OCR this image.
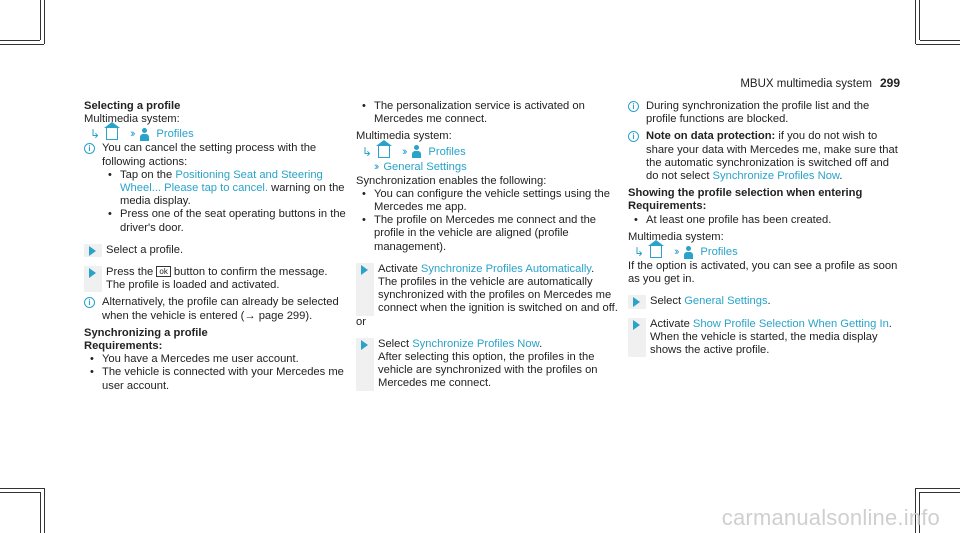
MBUX multimedia system 299
Selecting a profile
Multimedia system:
↳	›› Profiles
i	You can cancel the setting process with the following actions:
• Tap on the Positioning Seat and Steering Wheel... Please tap to cancel. warning on the media display.
• Press one of the seat operating buttons in the driver's door.
Select a profile.
Press the ok button to confirm the message.
The profile is loaded and activated.
i	Alternatively, the profile can already be selected when the vehicle is entered (→ page 299).
Synchronizing a profile
Requirements:
• You have a Mercedes me user account.
• The vehicle is connected with your Mercedes me user account.
• The personalization service is activated on Mercedes me connect.
Multimedia system:
↳	›› Profiles
›› General Settings
Synchronization enables the following:
• You can configure the vehicle settings using the Mercedes me app.
• The profile on Mercedes me connect and the profile in the vehicle are aligned (profile management).
Activate Synchronize Profiles Automatically.
The profiles in the vehicle are automatically synchronized with the profiles on Mercedes me connect when the ignition is switched on and off.
or
Select Synchronize Profiles Now.
After selecting this option, the profiles in the vehicle are synchronized with the profiles on Mercedes me connect.
i	During synchronization the profile list and the profile functions are blocked.
i	Note on data protection: if you do not wish to share your data with Mercedes me, make sure that the automatic synchronization is switched off and do not select Synchronize Profiles Now.
Showing the profile selection when entering
Requirements:
• At least one profile has been created.
Multimedia system:
↳	›› Profiles
If the option is activated, you can see a profile as soon as you get in.
Select General Settings.
Activate Show Profile Selection When Getting In.
When the vehicle is started, the media display shows the active profile.
carmanualsonline.info
